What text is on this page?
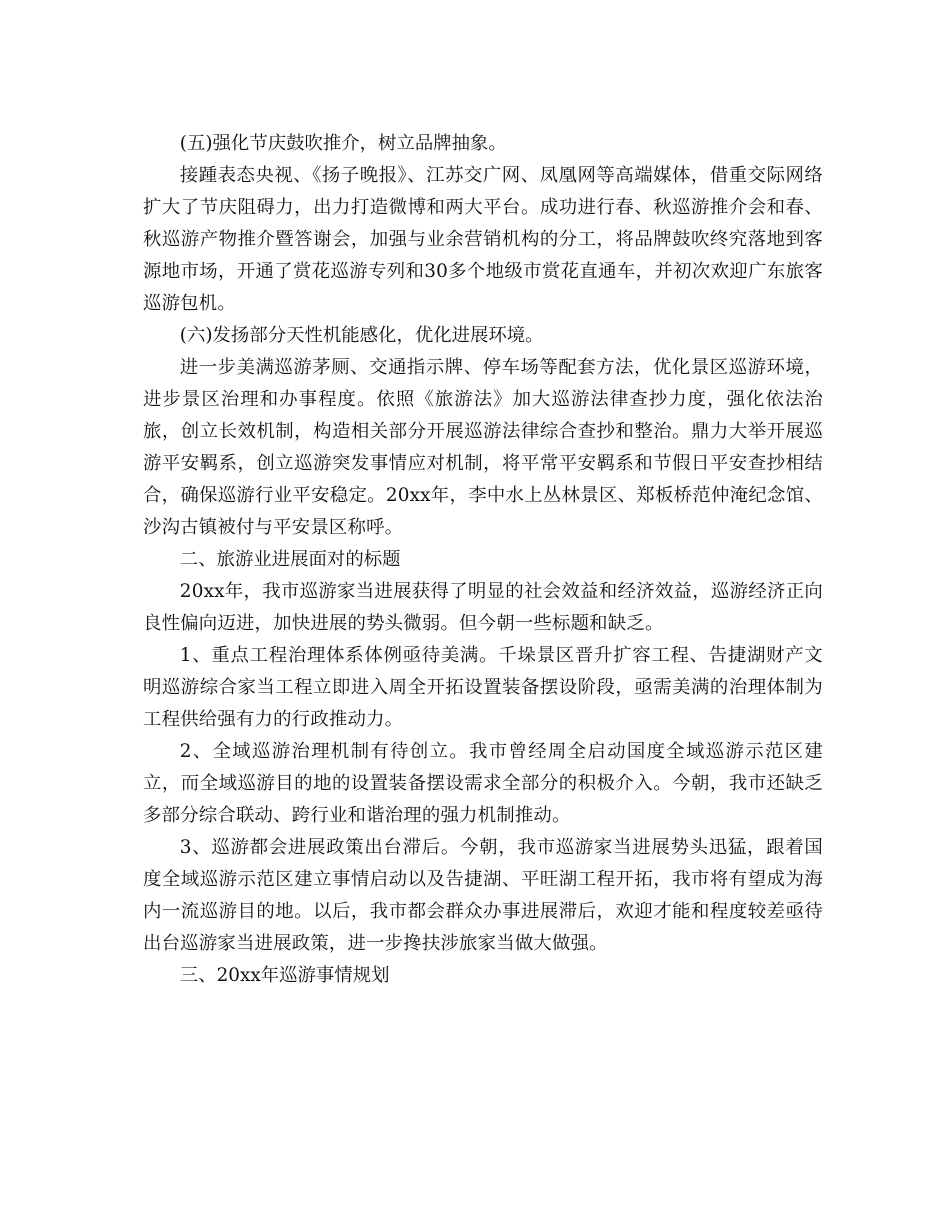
(五)强化节庆鼓吹推介，树立品牌抽象。

接踵表态央视、《扬子晚报》、江苏交广网、凤凰网等高端媒体，借重交际网络扩大了节庆阻碍力，出力打造微博和两大平台。成功进行春、秋巡游推介会和春、秋巡游产物推介暨答谢会，加强与业余营销机构的分工，将品牌鼓吹终究落地到客源地市场，开通了赏花巡游专列和30多个地级市赏花直通车，并初次欢迎广东旅客巡游包机。

(六)发扬部分天性机能感化，优化进展环境。

进一步美满巡游茅厕、交通指示牌、停车场等配套方法，优化景区巡游环境，进步景区治理和办事程度。依照《旅游法》加大巡游法律查抄力度，强化依法治旅，创立长效机制，构造相关部分开展巡游法律综合查抄和整治。鼎力大举开展巡游平安羁系，创立巡游突发事情应对机制，将平常平安羁系和节假日平安查抄相结合，确保巡游行业平安稳定。20xx年，李中水上丛林景区、郑板桥范仲淹纪念馆、沙沟古镇被付与平安景区称呼。

二、旅游业进展面对的标题

20xx年，我市巡游家当进展获得了明显的社会效益和经济效益，巡游经济正向良性偏向迈进，加快进展的势头微弱。但今朝一些标题和缺乏。

1、重点工程治理体系体例亟待美满。千垛景区晋升扩容工程、告捷湖财产文明巡游综合家当工程立即进入周全开拓设置装备摆设阶段，亟需美满的治理体制为工程供给强有力的行政推动力。

2、全域巡游治理机制有待创立。我市曾经周全启动国度全域巡游示范区建立，而全域巡游目的地的设置装备摆设需求全部分的积极介入。今朝，我市还缺乏多部分综合联动、跨行业和谐治理的强力机制推动。

3、巡游都会进展政策出台滞后。今朝，我市巡游家当进展势头迅猛，跟着国度全域巡游示范区建立事情启动以及告捷湖、平旺湖工程开拓，我市将有望成为海内一流巡游目的地。以后，我市都会群众办事进展滞后，欢迎才能和程度较差亟待出台巡游家当进展政策，进一步搀扶涉旅家当做大做强。

三、20xx年巡游事情规划
